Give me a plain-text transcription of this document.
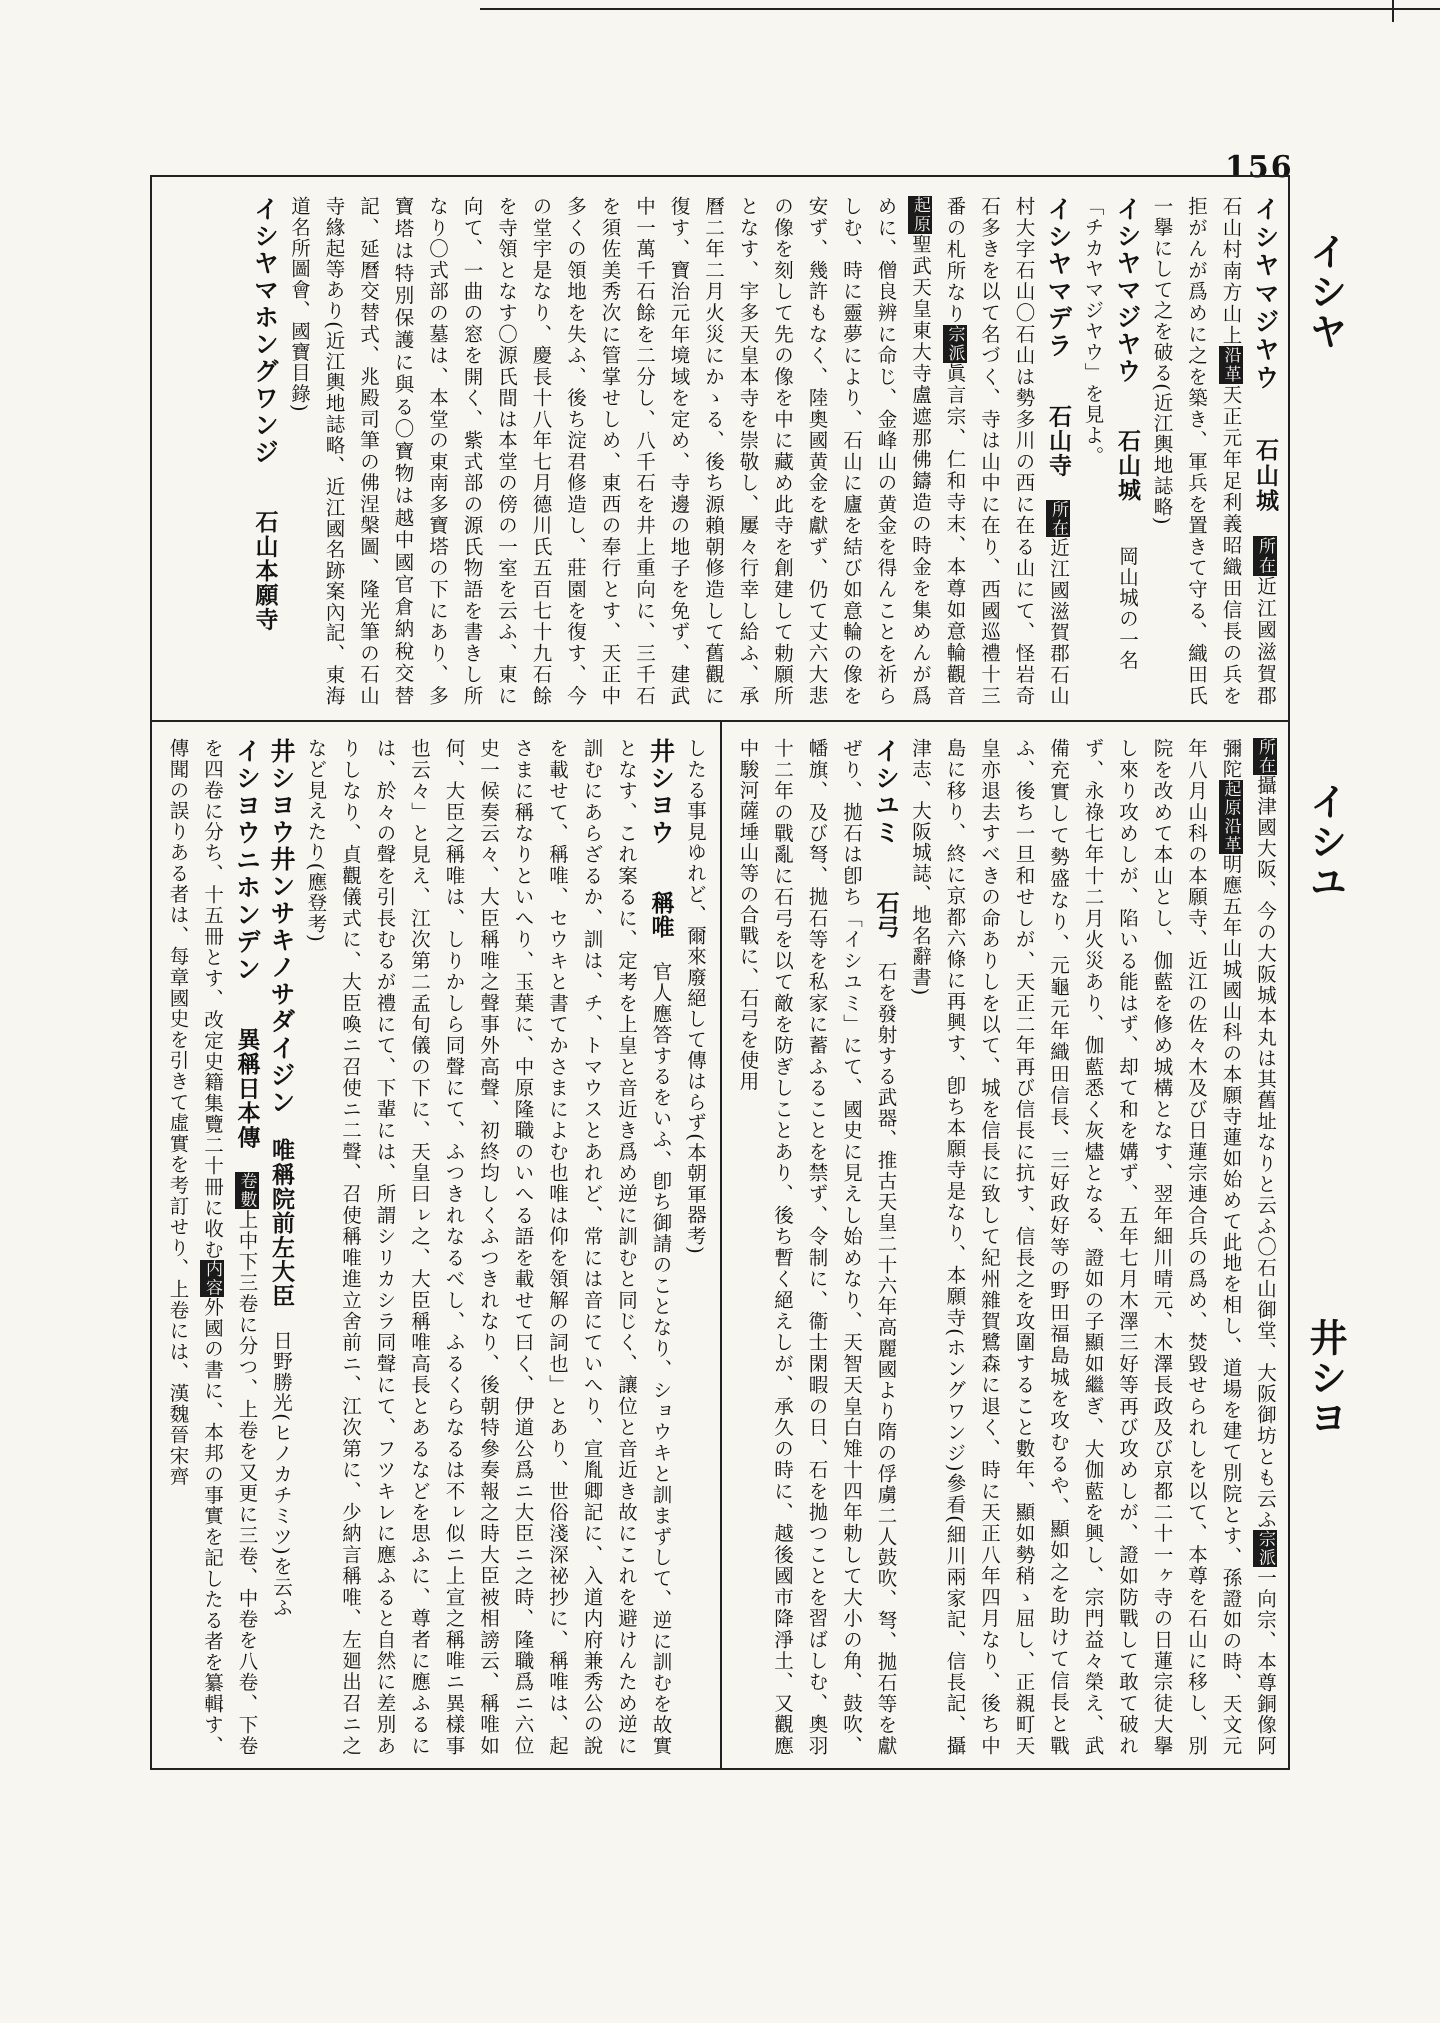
156
イシヤ
イシユ
井シヨ
イシヤマジヤウ石山城所在近江國滋賀郡石山村南方山上沿革天正元年足利義昭織田信長の兵を拒がんが爲めに之を築き、軍兵を置きて守る、織田氏一擧にして之を破る(近江輿地誌略)
イシヤマジヤウ石山城岡山城の一名
「チカヤマジヤウ」を見よ。
イシヤマデラ石山寺所在近江國滋賀郡石山村大字石山〇石山は勢多川の西に在る山にて、怪岩奇石多きを以て名づく、寺は山中に在り、西國巡禮十三番の札所なり宗派眞言宗、仁和寺末、本尊如意輪觀音起原聖武天皇東大寺盧遮那佛鑄造の時金を集めんが爲めに、僧良辨に命じ、金峰山の黄金を得んことを祈らしむ、時に靈夢により、石山に廬を結び如意輪の像を安ず、幾許もなく、陸奧國黄金を獻ず、仍て丈六大悲の像を刻して先の像を中に藏め此寺を創建して勅願所となす、宇多天皇本寺を崇敬し、屢々行幸し給ふ、承曆二年二月火災にかゝる、後ち源賴朝修造して舊觀に復す、寶治元年境域を定め、寺邊の地子を免ず、建武中一萬千石餘を二分し、八千石を井上重向に、三千石を須佐美秀次に管掌せしめ、東西の奉行とす、天正中多くの領地を失ふ、後ち淀君修造し、莊園を復す、今の堂宇是なり、慶長十八年七月德川氏五百七十九石餘を寺領となす〇源氏間は本堂の傍の一室を云ふ、東に向て、一曲の窓を開く、紫式部の源氏物語を書きし所なり〇式部の墓は、本堂の東南多寶塔の下にあり、多寶塔は特別保護に與る〇寶物は越中國官倉納稅交替記、延曆交替式、兆殿司筆の佛涅槃圖、隆光筆の石山寺緣起等あり(近江輿地誌略、近江國名跡案內記、東海道名所圖會、國寶目錄)
イシヤマホングワンジ石山本願寺
所在攝津國大阪、今の大阪城本丸は其舊址なりと云ふ〇石山御堂、大阪御坊とも云ふ宗派一向宗、本尊銅像阿彌陀起原沿革明應五年山城國山科の本願寺蓮如始めて此地を相し、道場を建て別院とす、孫證如の時、天文元年八月山科の本願寺、近江の佐々木及び日蓮宗連合兵の爲め、焚毀せられしを以て、本尊を石山に移し、別院を改めて本山とし、伽藍を修め城構となす、翌年細川晴元、木澤長政及び京都二十一ヶ寺の日蓮宗徒大擧し來り攻めしが、陷いる能はず、却て和を媾ず、五年七月木澤三好等再び攻めしが、證如防戰して敢て破れず、永祿七年十二月火災あり、伽藍悉く灰燼となる、證如の子顯如繼ぎ、大伽藍を興し、宗門益々榮え、武備充實して勢盛なり、元龜元年織田信長、三好政好等の野田福島城を攻むるや、顯如之を助けて信長と戰ふ、後ち一旦和せしが、天正二年再び信長に抗す、信長之を攻圍すること數年、顯如勢稍ゝ屈し、正親町天皇亦退去すべきの命ありしを以て、城を信長に致して紀州雜賀鷺森に退く、時に天正八年四月なり、後ち中島に移り、終に京都六條に再興す、卽ち本願寺是なり、本願寺(ホングワンジ)參看(細川兩家記、信長記、攝津志、大阪城誌、地名辭書)
イシユミ石弓石を發射する武器、推古天皇二十六年高麗國より隋の俘虜二人鼓吹、弩、拋石等を獻ぜり、拋石は卽ち「イシユミ」にて、國史に見えし始めなり、天智天皇白雉十四年勅して大小の角、鼓吹、幡旗、及び弩、拋石等を私家に蓄ふることを禁ず、令制に、衞士閑暇の日、石を拋つことを習ばしむ、奧羽十二年の戰亂に石弓を以て敵を防ぎしことあり、後ち暫く絕えしが、承久の時に、越後國市降淨土、又觀應中駿河薩埵山等の合戰に、石弓を使用
したる事見ゆれど、爾來廢絕して傳はらず(本朝軍器考)
井シヨウ稱唯官人應答するをいふ、卽ち御請のことなり、ショウキと訓まずして、逆に訓むを故實となす、これ案るに、定考を上皇と音近き爲め逆に訓むと同じく、讓位と音近き故にこれを避けんため逆に訓むにあらざるか、訓は、チ、トマウスとあれど、常には音にていへり、宣胤卿記に、入道内府兼秀公の說を載せて、稱唯、セウキと書てかさまによむ也唯は仰を領解の詞也」とあり、世俗淺深祕抄に、稱唯は、起さまに稱なりといへり、玉葉に、中原隆職のいへる語を載せて曰く、伊道公爲ニ大臣ニ之時、隆職爲ニ六位史一候奏云々、大臣稱唯之聲事外高聲、初終均しくふつきれなり、後朝特參奏報之時大臣被相謗云、稱唯如何、大臣之稱唯は、しりかしら同聲にて、ふつきれなるべし、ふるくらなるは不ㇾ似ニ上宣之稱唯ニ異樣事也云々」と見え、江次第二孟旬儀の下に、天皇曰ㇾ之、大臣稱唯高長とあるなどを思ふに、尊者に應ふるには、於々の聲を引長むるが禮にて、下輩には、所謂シリカシラ同聲にて、フツキレに應ふると自然に差別ありしなり、貞觀儀式に、大臣喚ニ召使ニ二聲、召使稱唯進立舍前ニ、江次第に、少納言稱唯、左廻出召ニ之など見えたり(應登考)
井シヨウ井ンサキノサダイジン唯稱院前左大臣日野勝光(ヒノカチミツ)を云ふ
イシヨウニホンデン異稱日本傳卷數上中下三卷に分つ、上卷を又更に三卷、中卷を八卷、下卷を四卷に分ち、十五冊とす、改定史籍集覽二十冊に收む内容外國の書に、本邦の事實を記したる者を纂輯す、傳聞の誤りある者は、每章國史を引きて虛實を考訂せり、上卷には、漢魏晉宋齊
